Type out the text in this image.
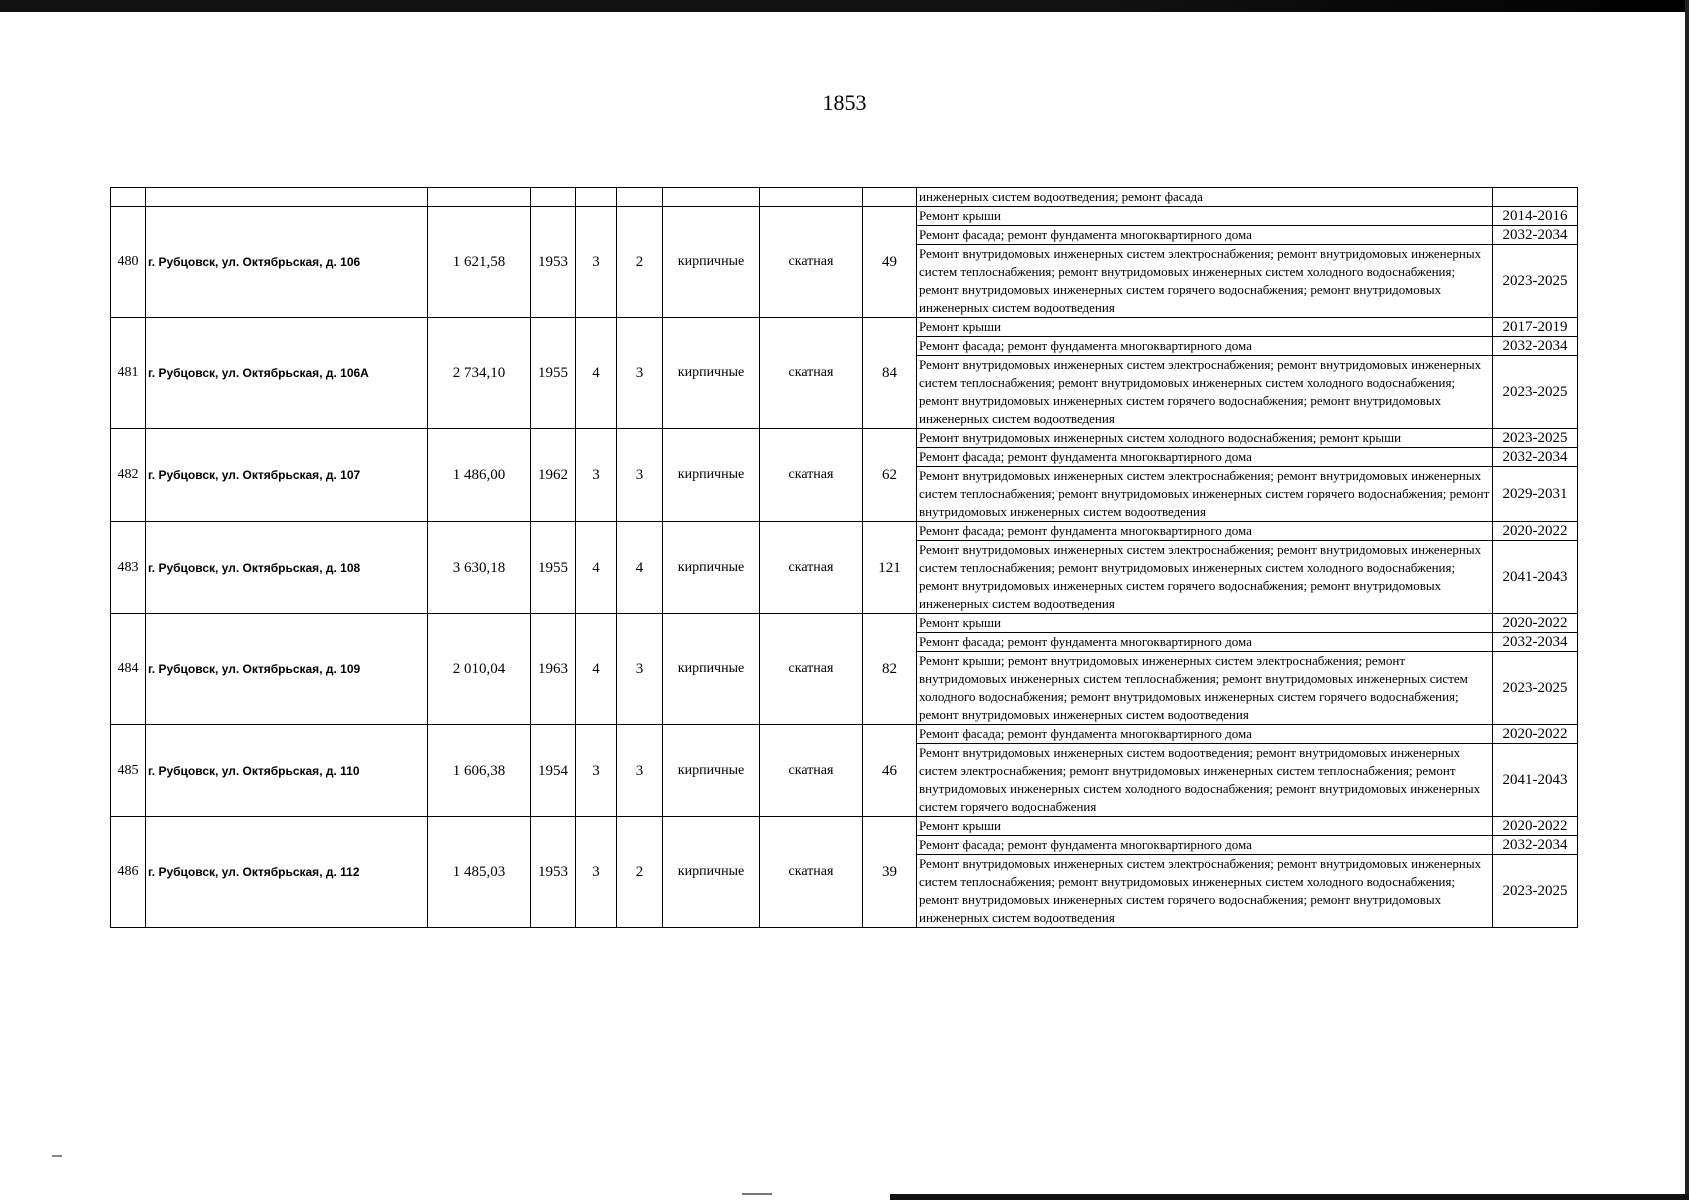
1853
									инженерных систем водоотведения; ремонт фасада	
480	г. Рубцовск, ул. Октябрьская, д. 106	1 621,58	1953	3	2	кирпичные	скатная	49	Ремонт крыши	2014-2016
									Ремонт фасада; ремонт фундамента многоквартирного дома	2032-2034
									Ремонт внутридомовых инженерных систем электроснабжения; ремонт внутридомовых инженерных систем теплоснабжения; ремонт внутридомовых инженерных систем холодного водоснабжения; ремонт внутридомовых инженерных систем горячего водоснабжения; ремонт внутридомовых инженерных систем водоотведения	2023-2025
481	г. Рубцовск, ул. Октябрьская, д. 106А	2 734,10	1955	4	3	кирпичные	скатная	84	Ремонт крыши	2017-2019
									Ремонт фасада; ремонт фундамента многоквартирного дома	2032-2034
									Ремонт внутридомовых инженерных систем электроснабжения; ремонт внутридомовых инженерных систем теплоснабжения; ремонт внутридомовых инженерных систем холодного водоснабжения; ремонт внутридомовых инженерных систем горячего водоснабжения; ремонт внутридомовых инженерных систем водоотведения	2023-2025
482	г. Рубцовск, ул. Октябрьская, д. 107	1 486,00	1962	3	3	кирпичные	скатная	62	Ремонт внутридомовых инженерных систем холодного водоснабжения; ремонт крыши	2023-2025
									Ремонт фасада; ремонт фундамента многоквартирного дома	2032-2034
									Ремонт внутридомовых инженерных систем электроснабжения; ремонт внутридомовых инженерных систем теплоснабжения; ремонт внутридомовых инженерных систем горячего водоснабжения; ремонт внутридомовых инженерных систем водоотведения	2029-2031
483	г. Рубцовск, ул. Октябрьская, д. 108	3 630,18	1955	4	4	кирпичные	скатная	121	Ремонт фасада; ремонт фундамента многоквартирного дома	2020-2022
									Ремонт внутридомовых инженерных систем электроснабжения; ремонт внутридомовых инженерных систем теплоснабжения; ремонт внутридомовых инженерных систем холодного водоснабжения; ремонт внутридомовых инженерных систем горячего водоснабжения; ремонт внутридомовых инженерных систем водоотведения	2041-2043
484	г. Рубцовск, ул. Октябрьская, д. 109	2 010,04	1963	4	3	кирпичные	скатная	82	Ремонт крыши	2020-2022
									Ремонт фасада; ремонт фундамента многоквартирного дома	2032-2034
									Ремонт крыши; ремонт внутридомовых инженерных систем электроснабжения; ремонт внутридомовых инженерных систем теплоснабжения; ремонт внутридомовых инженерных систем холодного водоснабжения; ремонт внутридомовых инженерных систем горячего водоснабжения; ремонт внутридомовых инженерных систем водоотведения	2023-2025
485	г. Рубцовск, ул. Октябрьская, д. 110	1 606,38	1954	3	3	кирпичные	скатная	46	Ремонт фасада; ремонт фундамента многоквартирного дома	2020-2022
									Ремонт внутридомовых инженерных систем водоотведения; ремонт внутридомовых инженерных систем электроснабжения; ремонт внутридомовых инженерных систем теплоснабжения; ремонт внутридомовых инженерных систем холодного водоснабжения; ремонт внутридомовых инженерных систем горячего водоснабжения	2041-2043
486	г. Рубцовск, ул. Октябрьская, д. 112	1 485,03	1953	3	2	кирпичные	скатная	39	Ремонт крыши	2020-2022
									Ремонт фасада; ремонт фундамента многоквартирного дома	2032-2034
									Ремонт внутридомовых инженерных систем электроснабжения; ремонт внутридомовых инженерных систем теплоснабжения; ремонт внутридомовых инженерных систем холодного водоснабжения; ремонт внутридомовых инженерных систем горячего водоснабжения; ремонт внутридомовых инженерных систем водоотведения	2023-2025
